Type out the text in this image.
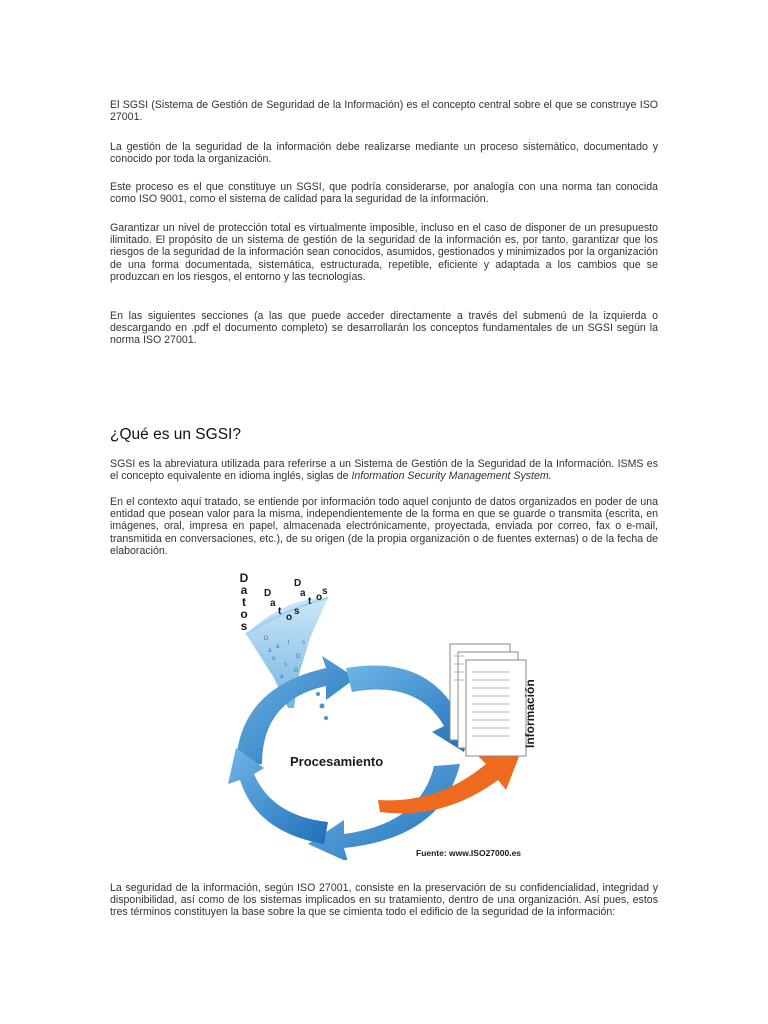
El SGSI (Sistema de Gestión de Seguridad de la Información) es el concepto central sobre el que se construye ISO 27001.

La gestión de la seguridad de la información debe realizarse mediante un proceso sistemático, documentado y conocido por toda la organización.

Este proceso es el que constituye un SGSI, que podría considerarse, por analogía con una norma tan conocida como ISO 9001, como el sistema de calidad para la seguridad de la información.

Garantizar un nivel de protección total es virtualmente imposible, incluso en el caso de disponer de un presupuesto ilimitado. El propósito de un sistema de gestión de la seguridad de la información es, por tanto, garantizar que los riesgos de la seguridad de la información sean conocidos, asumidos, gestionados y minimizados por la organización de una forma documentada, sistemática, estructurada, repetible, eficiente y adaptada a los cambios que se produzcan en los riesgos, el entorno y las tecnologías.

En las siguientes secciones (a las que puede acceder directamente a través del submenú de la izquierda o descargando en .pdf el documento completo) se desarrollarán los conceptos fundamentales de un SGSI según la norma ISO 27001.

¿Qué es un SGSI?

SGSI es la abreviatura utilizada para referirse a un Sistema de Gestión de la Seguridad de la Información. ISMS es el concepto equivalente en idioma inglés, siglas de Information Security Management System.

En el contexto aquí tratado, se entiende por información todo aquel conjunto de datos organizados en poder de una entidad que posean valor para la misma, independientemente de la forma en que se guarde o transmita (escrita, en imágenes, oral, impresa en papel, almacenada electrónicamente, proyectada, enviada por correo, fax o e-mail, transmitida en conversaciones, etc.), de su origen (de la propia organización o de fuentes externas) o de la fecha de elaboración.

D
a
t
o
s
D
a
s
a
D
D
a
t
o
s
D
a
t
o
s
D
a
t o
s
Procesamiento
Información
Fuente: www.ISO27000.es

La seguridad de la información, según ISO 27001, consiste en la preservación de su confidencialidad, integridad y disponibilidad, así como de los sistemas implicados en su tratamiento, dentro de una organización. Así pues, estos tres términos constituyen la base sobre la que se cimienta todo el edificio de la seguridad de la información:
